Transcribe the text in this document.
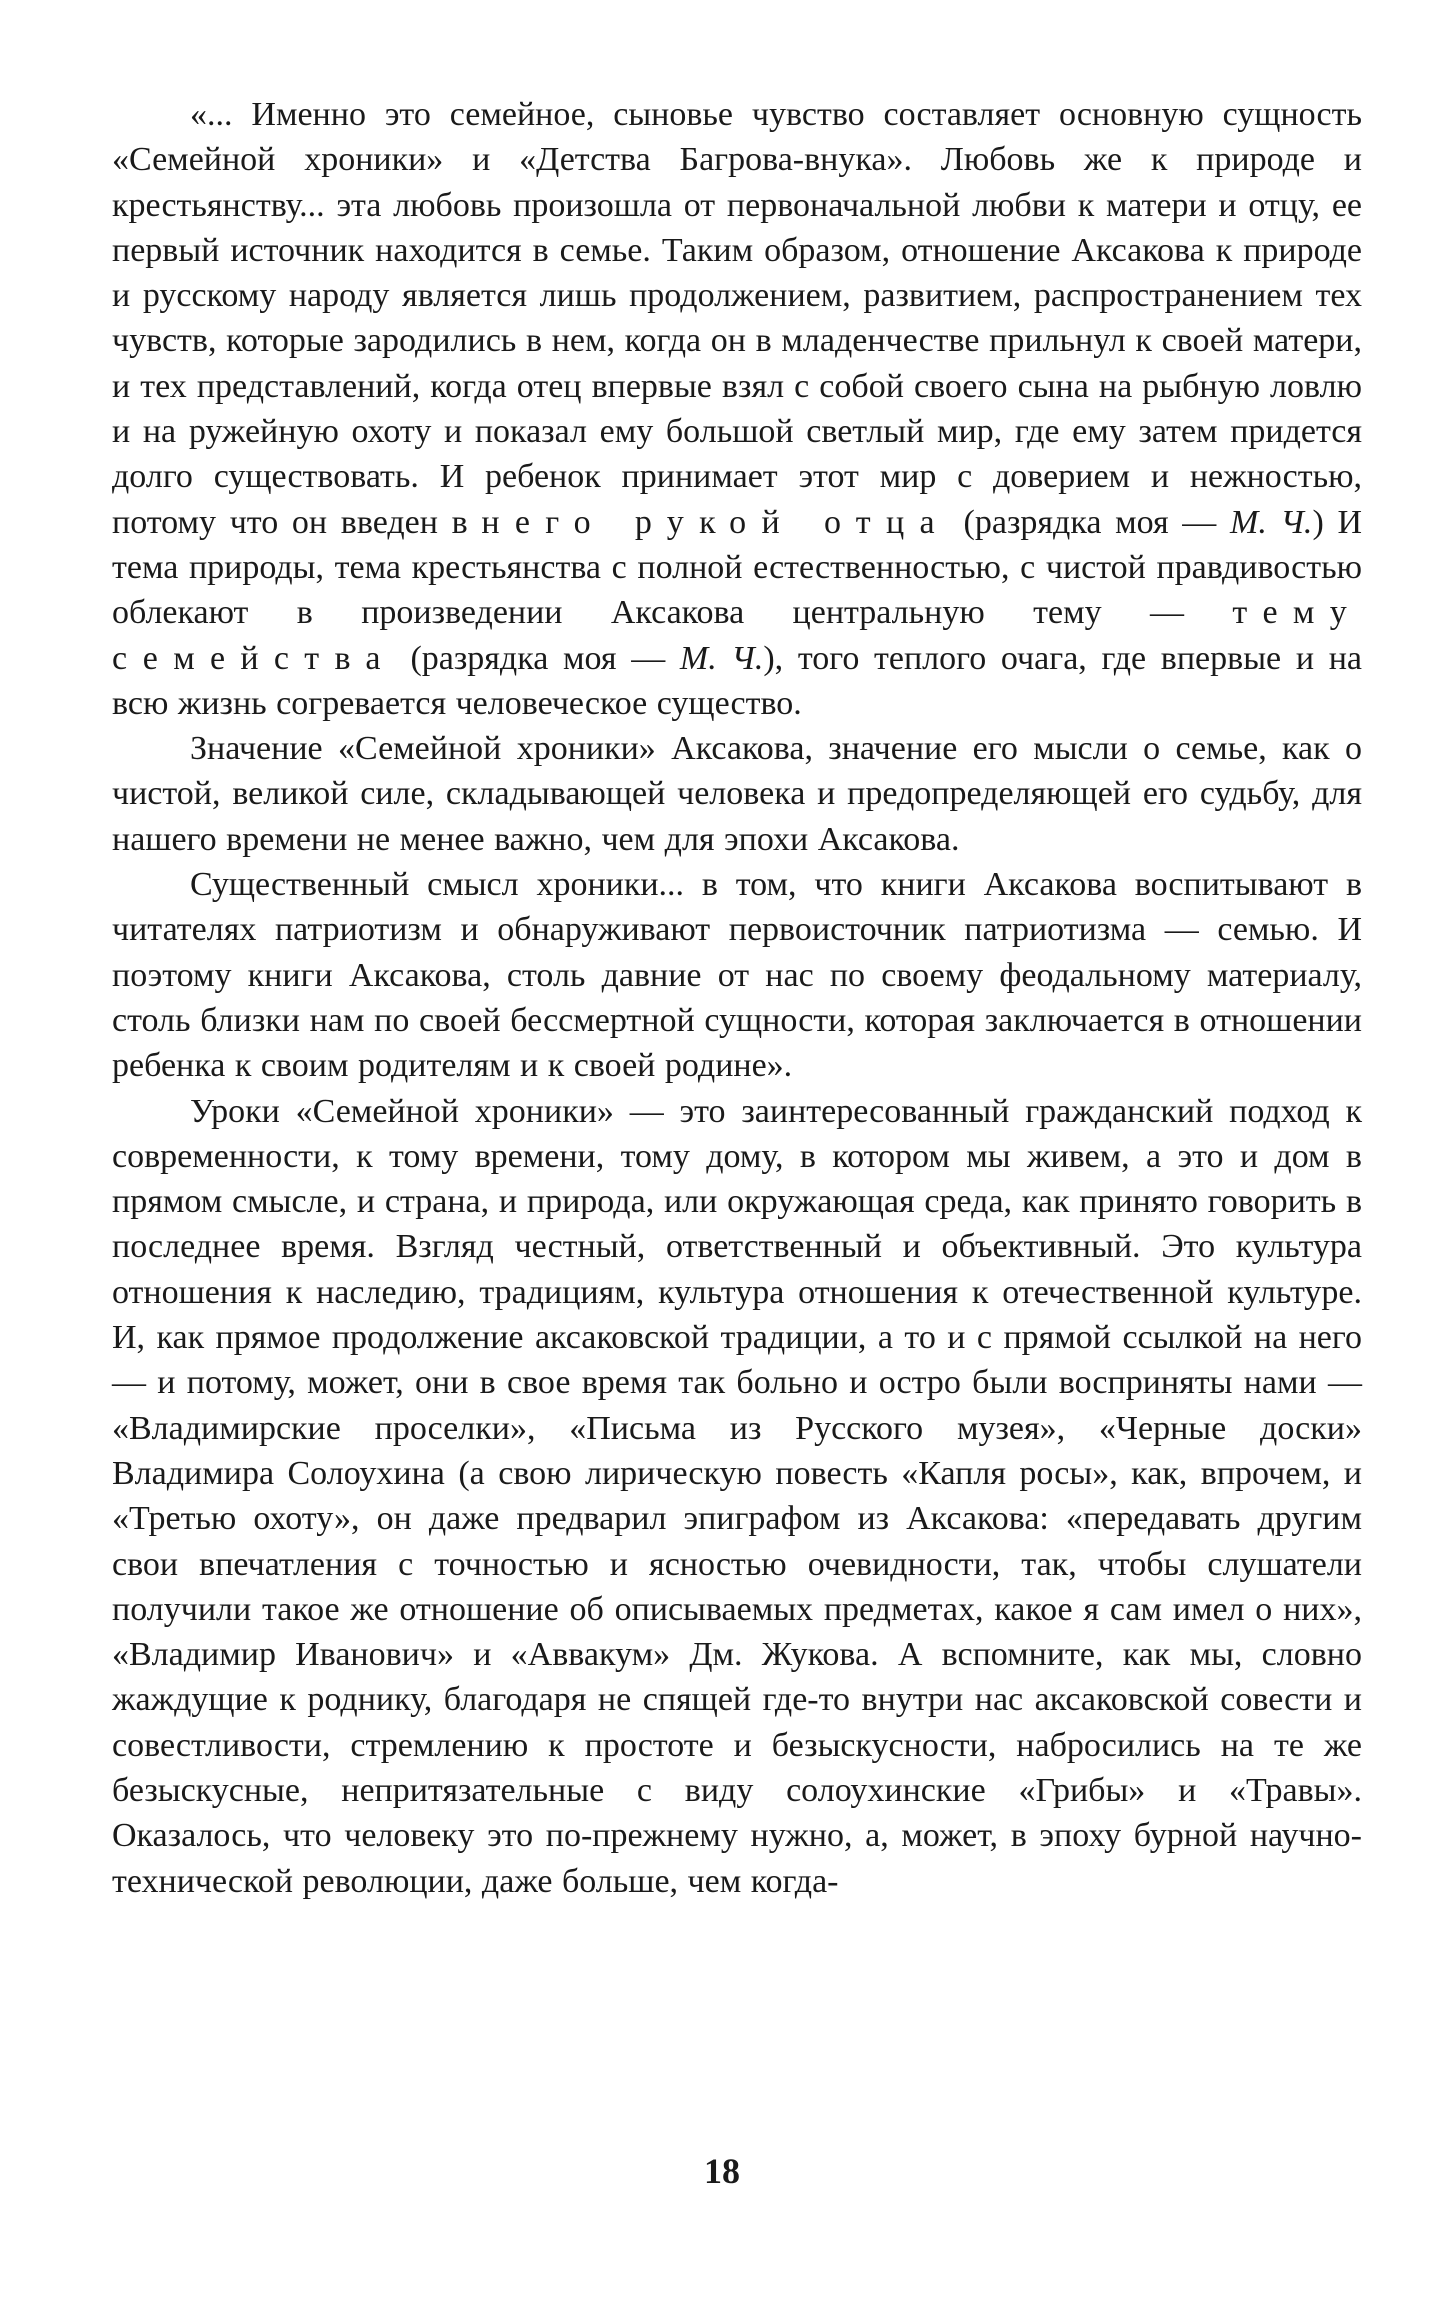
«... Именно это семейное, сыновье чувство составляет основную сущность «Семейной хроники» и «Детства Багрова-внука». Любовь же к природе и крестьянству... эта любовь произошла от первоначальной любви к матери и отцу, ее первый источник находится в семье. Таким образом, отношение Аксакова к природе и русскому народу является лишь продолжением, развитием, распространением тех чувств, которые зародились в нем, когда он в младенчестве прильнул к своей матери, и тех представлений, когда отец впервые взял с собой своего сына на рыбную ловлю и на ружейную охоту и показал ему большой светлый мир, где ему затем придется долго существовать. И ребенок принимает этот мир с доверием и нежностью, потому что он введен в него рукой отца (разрядка моя — М. Ч.) И тема природы, тема крестьянства с полной естественностью, с чистой правдивостью облекают в произведении Аксакова центральную тему — тему семейства (разрядка моя — М. Ч.), того теплого очага, где впервые и на всю жизнь согревается человеческое существо.

Значение «Семейной хроники» Аксакова, значение его мысли о семье, как о чистой, великой силе, складывающей человека и предопределяющей его судьбу, для нашего времени не менее важно, чем для эпохи Аксакова.

Существенный смысл хроники... в том, что книги Аксакова воспитывают в читателях патриотизм и обнаруживают первоисточник патриотизма — семью. И поэтому книги Аксакова, столь давние от нас по своему феодальному материалу, столь близки нам по своей бессмертной сущности, которая заключается в отношении ребенка к своим родителям и к своей родине».

Уроки «Семейной хроники» — это заинтересованный гражданский подход к современности, к тому времени, тому дому, в котором мы живем, а это и дом в прямом смысле, и страна, и природа, или окружающая среда, как принято говорить в последнее время. Взгляд честный, ответственный и объективный. Это культура отношения к наследию, традициям, культура отношения к отечественной культуре. И, как прямое продолжение аксаковской традиции, а то и с прямой ссылкой на него — и потому, может, они в свое время так больно и остро были восприняты нами — «Владимирские проселки», «Письма из Русского музея», «Черные доски» Владимира Солоухина (а свою лирическую повесть «Капля росы», как, впрочем, и «Третью охоту», он даже предварил эпиграфом из Аксакова: «передавать другим свои впечатления с точностью и ясностью очевидности, так, чтобы слушатели получили такое же отношение об описываемых предметах, какое я сам имел о них», «Владимир Иванович» и «Аввакум» Дм. Жукова. А вспомните, как мы, словно жаждущие к роднику, благодаря не спящей где-то внутри нас аксаковской совести и совестливости, стремлению к простоте и безыскусности, набросились на те же безыскусные, непритязательные с виду солоухинские «Грибы» и «Травы». Оказалось, что человеку это по-прежнему нужно, а, может, в эпоху бурной научно-технической революции, даже больше, чем когда-

18
